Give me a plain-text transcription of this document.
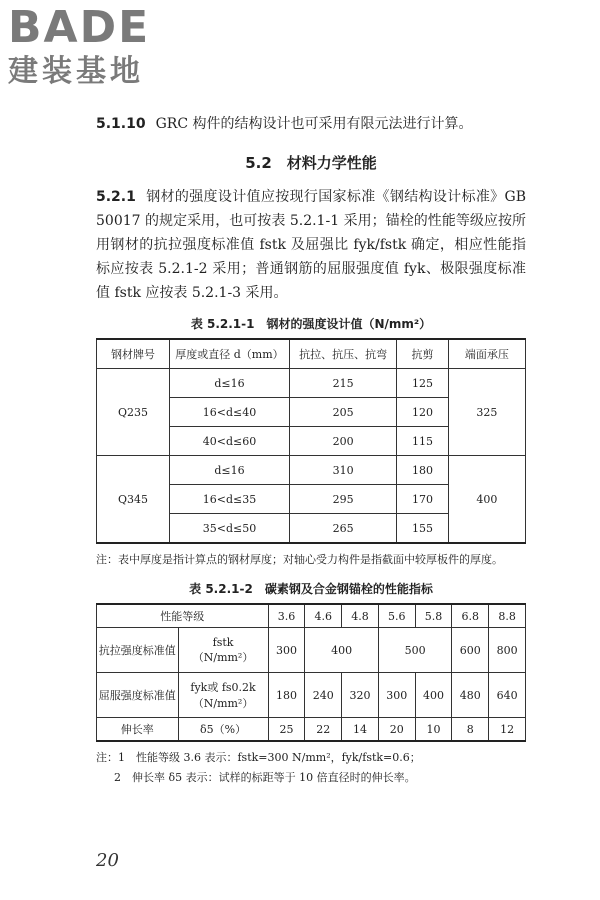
BADE
建装基地

5.1.10 GRC 构件的结构设计也可采用有限元法进行计算。

5.2　材料力学性能

5.2.1 钢材的强度设计值应按现行国家标准《钢结构设计标准》GB 50017 的规定采用，也可按表 5.2.1-1 采用；锚栓的性能等级应按所用钢材的抗拉强度标准值 fstk 及屈强比 fyk/fstk 确定，相应性能指标应按表 5.2.1-2 采用；普通钢筋的屈服强度值 fyk、极限强度标准值 fstk 应按表 5.2.1-3 采用。

表 5.2.1-1　钢材的强度设计值（N/mm²）
钢材牌号	厚度或直径 d（mm）	抗拉、抗压、抗弯	抗剪	端面承压
Q235	d≤16	215	125	325
	16<d≤40	205	120	
	40<d≤60	200	115	
Q345	d≤16	310	180	400
	16<d≤35	295	170	
	35<d≤50	265	155	

注：表中厚度是指计算点的钢材厚度；对轴心受力构件是指截面中较厚板件的厚度。

表 5.2.1-2　碳素钢及合金钢锚栓的性能指标
性能等级		3.6	4.6	4.8	5.6	5.8	6.8	8.8
抗拉强度标准值	fstk
（N/mm²）	300	400		500		600	800
屈服强度标准值	fyk或 fs0.2k
（N/mm²）	180	240	320	300	400	480	640
伸长率	δ5（%）	25	22	14	20	10	8	12

注：1　性能等级 3.6 表示：fstk=300 N/mm²，fyk/fstk=0.6；

2　伸长率 δ5 表示：试样的标距等于 10 倍直径时的伸长率。

20
